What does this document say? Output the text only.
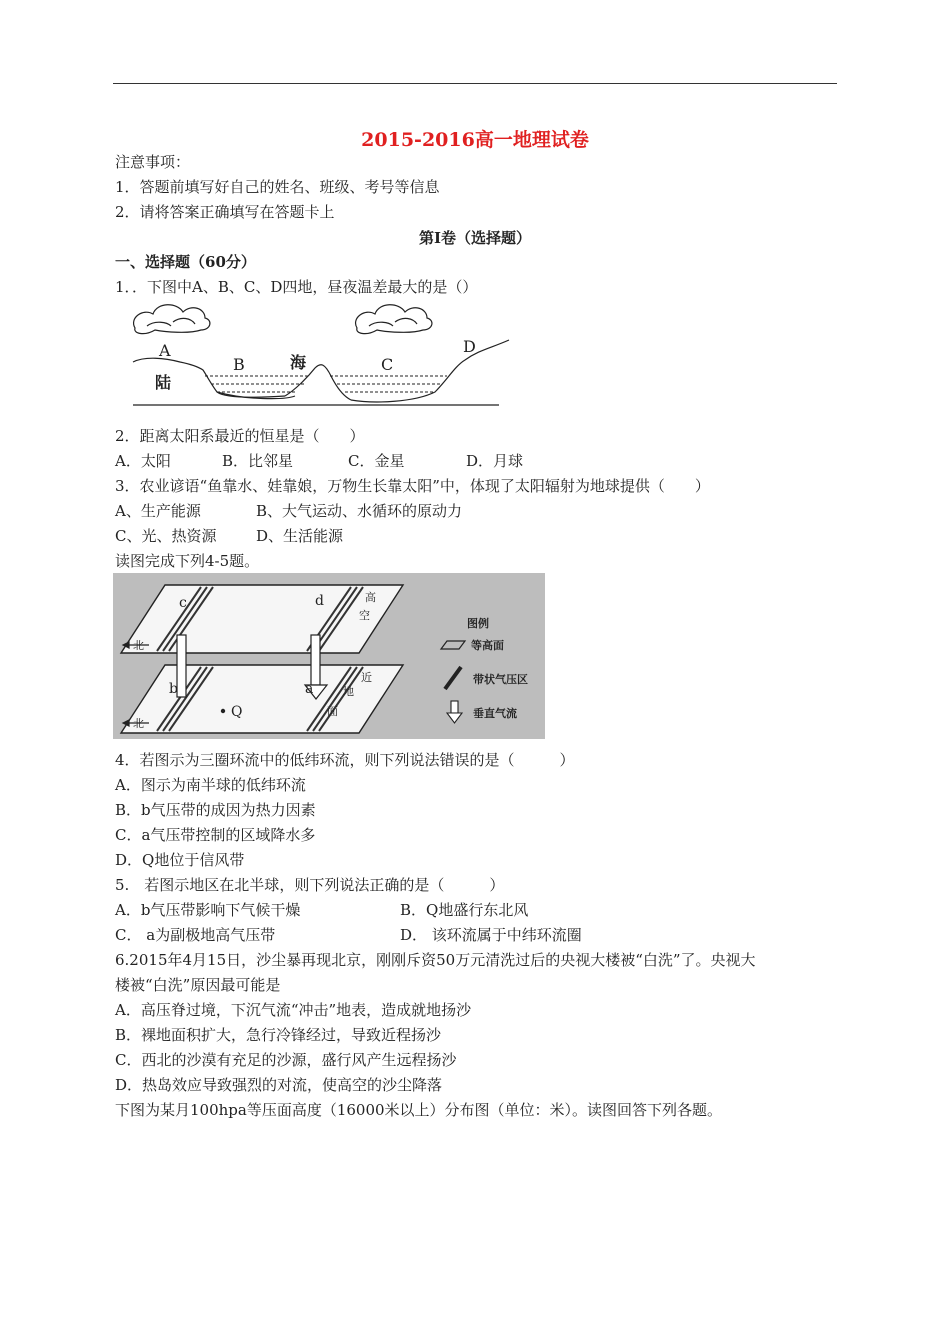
2015-2016高一地理试卷
注意事项：
1．答题前填写好自己的姓名、班级、考号等信息
2．请将答案正确填写在答题卡上
第Ⅰ卷（选择题）
一、选择题（60分）
1．．下图中A、B、C、D四地，昼夜温差最大的是（）
A
B	海	C
D
陆
2．距离太阳系最近的恒星是（　　）
A．太阳	B．比邻星	C．金星	D．月球
3．农业谚语“鱼靠水、娃靠娘，万物生长靠太阳”中，体现了太阳辐射为地球提供（　　）
A、生产能源	B、大气运动、水循环的原动力
C、光、热资源	D、生活能源
读图完成下列4-5题。
北
北
c	d
b	a
Q
高
空
近
地
面
图例
等高面
带状气压区
垂直气流
4．若图示为三圈环流中的低纬环流，则下列说法错误的是（　　　）
A．图示为南半球的低纬环流
B．b气压带的成因为热力因素
C．a气压带控制的区域降水多
D．Q地位于信风带
5.　若图示地区在北半球，则下列说法正确的是（　　　）
A．b气压带影响下气候干燥	B．Q地盛行东北风
C． a为副极地高气压带	D． 该环流属于中纬环流圈
6.2015年4月15日，沙尘暴再现北京，刚刚斥资50万元清洗过后的央视大楼被“白洗”了。央视大
楼被“白洗”原因最可能是
A．高压脊过境，下沉气流“冲击”地表，造成就地扬沙
B．裸地面积扩大，急行冷锋经过，导致近程扬沙
C．西北的沙漠有充足的沙源，盛行风产生远程扬沙
D．热岛效应导致强烈的对流，使高空的沙尘降落
下图为某月100hpa等压面高度（16000米以上）分布图（单位：米）。读图回答下列各题。
